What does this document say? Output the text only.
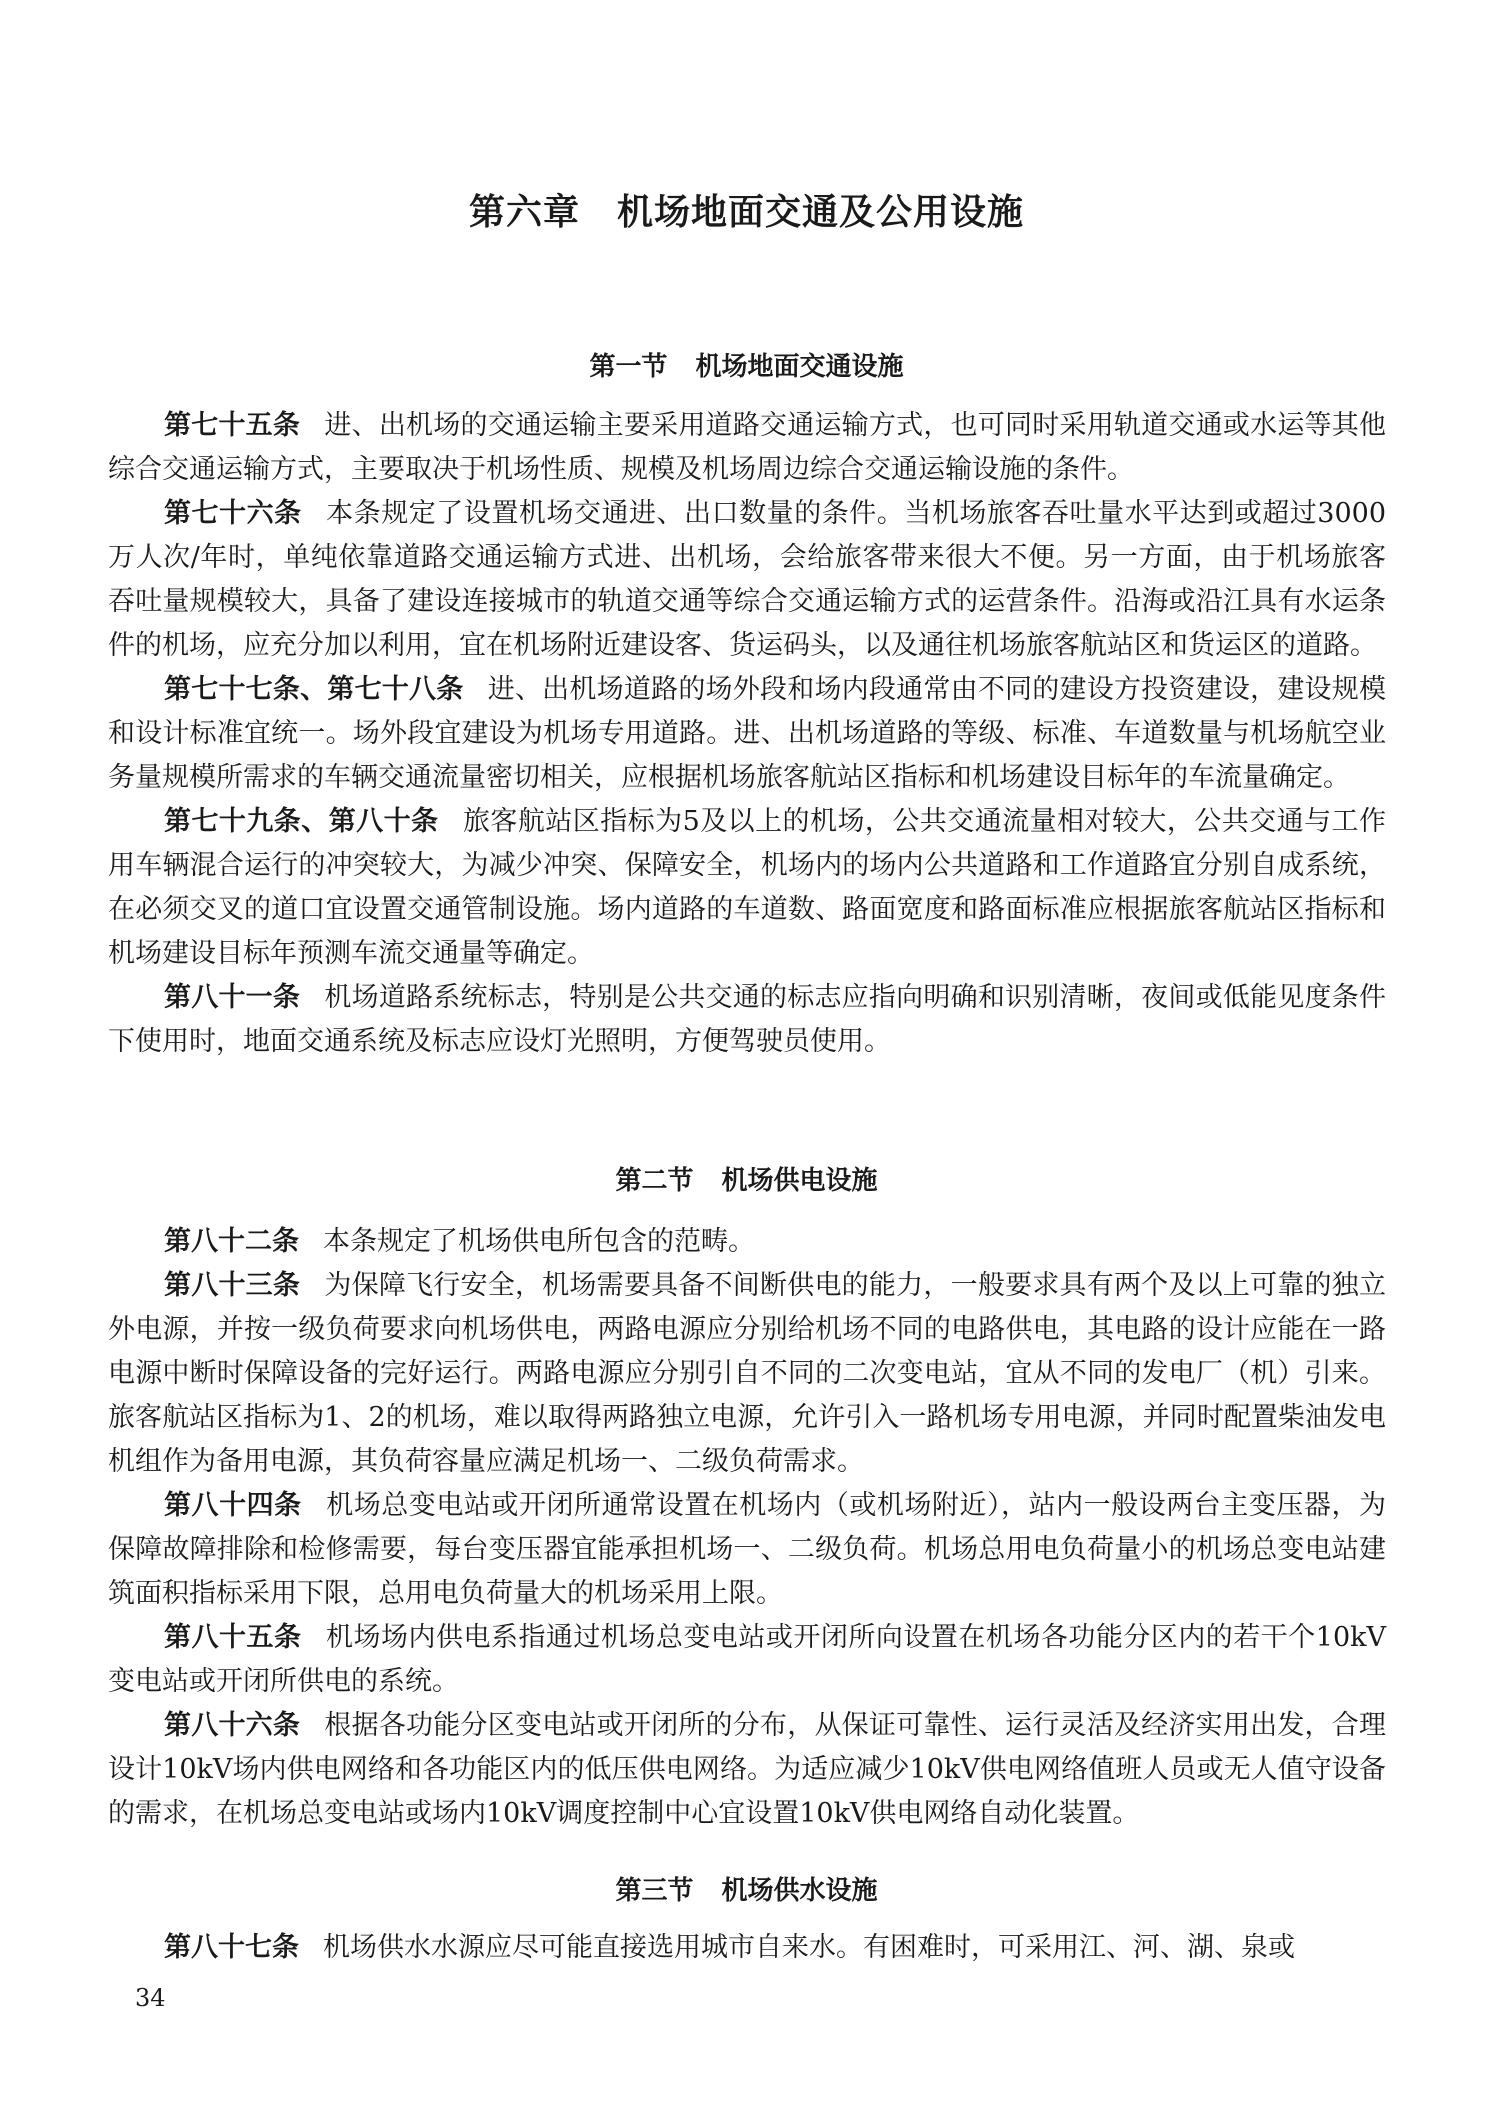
第六章　机场地面交通及公用设施
第一节 机场地面交通设施

第七十五条 进、出机场的交通运输主要采用道路交通运输方式，也可同时采用轨道交通或水运等其他综合交通运输方式，主要取决于机场性质、规模及机场周边综合交通运输设施的条件。

第七十六条 本条规定了设置机场交通进、出口数量的条件。当机场旅客吞吐量水平达到或超过3000万人次/年时，单纯依靠道路交通运输方式进、出机场，会给旅客带来很大不便。另一方面，由于机场旅客吞吐量规模较大，具备了建设连接城市的轨道交通等综合交通运输方式的运营条件。沿海或沿江具有水运条件的机场，应充分加以利用，宜在机场附近建设客、货运码头，以及通往机场旅客航站区和货运区的道路。

第七十七条、第七十八条 进、出机场道路的场外段和场内段通常由不同的建设方投资建设，建设规模和设计标准宜统一。场外段宜建设为机场专用道路。进、出机场道路的等级、标准、车道数量与机场航空业务量规模所需求的车辆交通流量密切相关，应根据机场旅客航站区指标和机场建设目标年的车流量确定。

第七十九条、第八十条 旅客航站区指标为5及以上的机场，公共交通流量相对较大，公共交通与工作用车辆混合运行的冲突较大，为减少冲突、保障安全，机场内的场内公共道路和工作道路宜分别自成系统，在必须交叉的道口宜设置交通管制设施。场内道路的车道数、路面宽度和路面标准应根据旅客航站区指标和机场建设目标年预测车流交通量等确定。

第八十一条 机场道路系统标志，特别是公共交通的标志应指向明确和识别清晰，夜间或低能见度条件下使用时，地面交通系统及标志应设灯光照明，方便驾驶员使用。

第二节 机场供电设施

第八十二条 本条规定了机场供电所包含的范畴。

第八十三条 为保障飞行安全，机场需要具备不间断供电的能力，一般要求具有两个及以上可靠的独立外电源，并按一级负荷要求向机场供电，两路电源应分别给机场不同的电路供电，其电路的设计应能在一路电源中断时保障设备的完好运行。两路电源应分别引自不同的二次变电站，宜从不同的发电厂（机）引来。旅客航站区指标为1、2的机场，难以取得两路独立电源，允许引入一路机场专用电源，并同时配置柴油发电机组作为备用电源，其负荷容量应满足机场一、二级负荷需求。

第八十四条 机场总变电站或开闭所通常设置在机场内（或机场附近），站内一般设两台主变压器，为保障故障排除和检修需要，每台变压器宜能承担机场一、二级负荷。机场总用电负荷量小的机场总变电站建筑面积指标采用下限，总用电负荷量大的机场采用上限。

第八十五条 机场场内供电系指通过机场总变电站或开闭所向设置在机场各功能分区内的若干个10kV变电站或开闭所供电的系统。

第八十六条 根据各功能分区变电站或开闭所的分布，从保证可靠性、运行灵活及经济实用出发，合理设计10kV场内供电网络和各功能区内的低压供电网络。为适应减少10kV供电网络值班人员或无人值守设备的需求，在机场总变电站或场内10kV调度控制中心宜设置10kV供电网络自动化装置。

第三节 机场供水设施

第八十七条 机场供水水源应尽可能直接选用城市自来水。有困难时，可采用江、河、湖、泉或

34
